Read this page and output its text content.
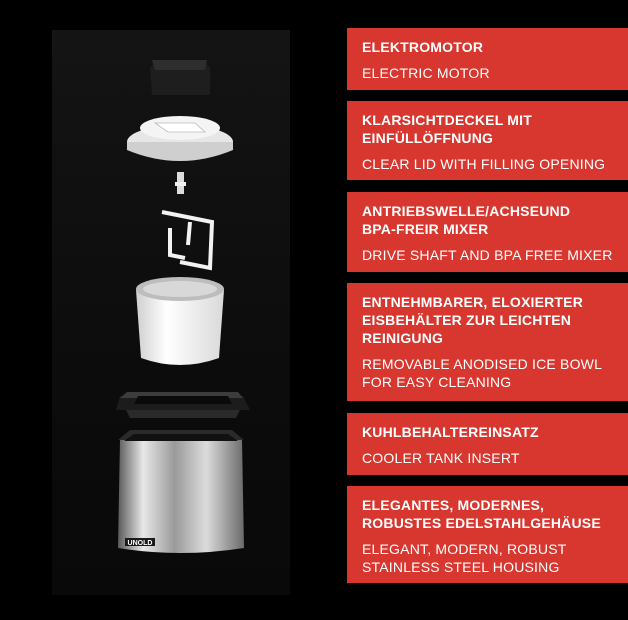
UNOLD
ELEKTROMOTOR
ELECTRIC MOTOR
KLARSICHTDECKEL MIT
EINFÜLLÖFFNUNG
CLEAR LID WITH FILLING OPENING
ANTRIEBSWELLE/ACHSEUND
BPA-FREIR MIXER
DRIVE SHAFT AND BPA FREE MIXER
ENTNEHMBARER, ELOXIERTER
EISBEHÄLTER ZUR LEICHTEN
REINIGUNG
REMOVABLE ANODISED ICE BOWL
FOR EASY CLEANING
KUHLBEHALTEREINSATZ
COOLER TANK INSERT
ELEGANTES, MODERNES,
ROBUSTES EDELSTAHLGEHÄUSE
ELEGANT, MODERN, ROBUST
STAINLESS STEEL HOUSING
